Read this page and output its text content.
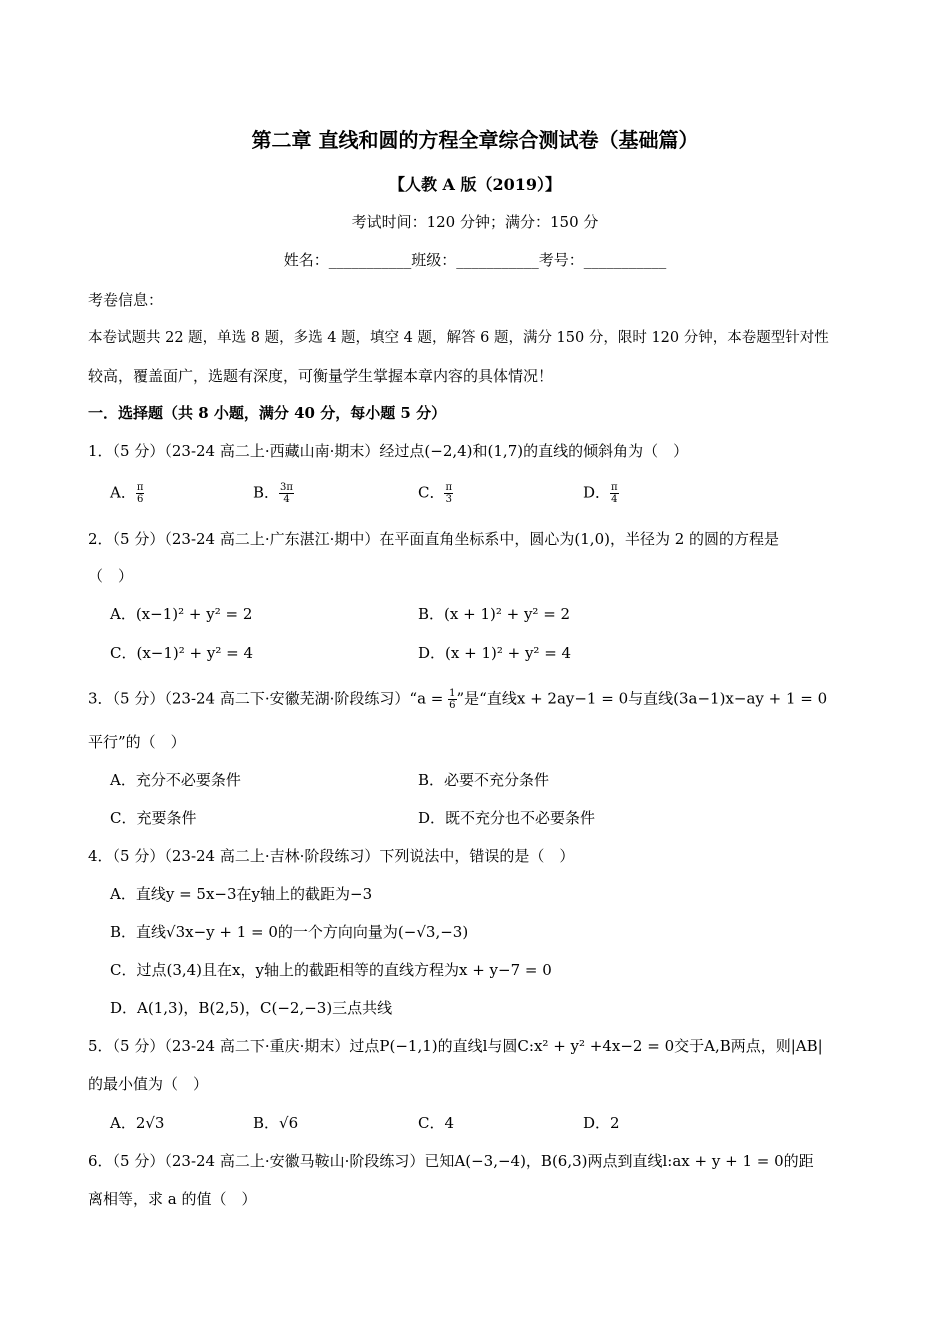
第二章 直线和圆的方程全章综合测试卷（基础篇）
【人教 A 版（2019）】
考试时间：120 分钟；满分：150 分
姓名：___________班级：___________考号：___________
考卷信息：
本卷试题共 22 题，单选 8 题，多选 4 题，填空 4 题，解答 6 题，满分 150 分，限时 120 分钟，本卷题型针对性
较高，覆盖面广，选题有深度，可衡量学生掌握本章内容的具体情况！
一．选择题（共 8 小题，满分 40 分，每小题 5 分）
1．（5 分）（23-24 高二上·西藏山南·期末）经过点(−2,4)和(1,7)的直线的倾斜角为（　）
A． $\frac{\pi}{6}$	B． $\frac{3\pi}{4}$	C． $\frac{\pi}{3}$	D． $\frac{\pi}{4}$
2．（5 分）（23-24 高二上·广东湛江·期中）在平面直角坐标系中，圆心为(1,0)，半径为 2 的圆的方程是
（　）
A．(x−1)² + y² = 2	B．(x + 1)² + y² = 2
C．(x−1)² + y² = 4	D．(x + 1)² + y² = 4
3．（5 分）（23-24 高二下·安徽芜湖·阶段练习）“a = $\frac{1}{6}$ ”是“直线x + 2ay−1 = 0与直线(3a−1)x−ay + 1 = 0
平行”的（　）
A．充分不必要条件	B．必要不充分条件
C．充要条件	D．既不充分也不必要条件
4．（5 分）（23-24 高二上·吉林·阶段练习）下列说法中，错误的是（　）
A．直线y = 5x−3在y轴上的截距为−3
B．直线√3x−y + 1 = 0的一个方向向量为(−√3,−3)
C．过点(3,4)且在x，y轴上的截距相等的直线方程为x + y−7 = 0
D．A(1,3)，B(2,5)，C(−2,−3)三点共线
5．（5 分）（23-24 高二下·重庆·期末）过点P(−1,1)的直线l与圆C:x² + y² +4x−2 = 0交于A,B两点，则|AB|
的最小值为（　）
A．2√3	B．√6	C．4	D．2
6．（5 分）（23-24 高二上·安徽马鞍山·阶段练习）已知A(−3,−4)，B(6,3)两点到直线l:ax + y + 1 = 0的距
离相等，求 a 的值（　）
